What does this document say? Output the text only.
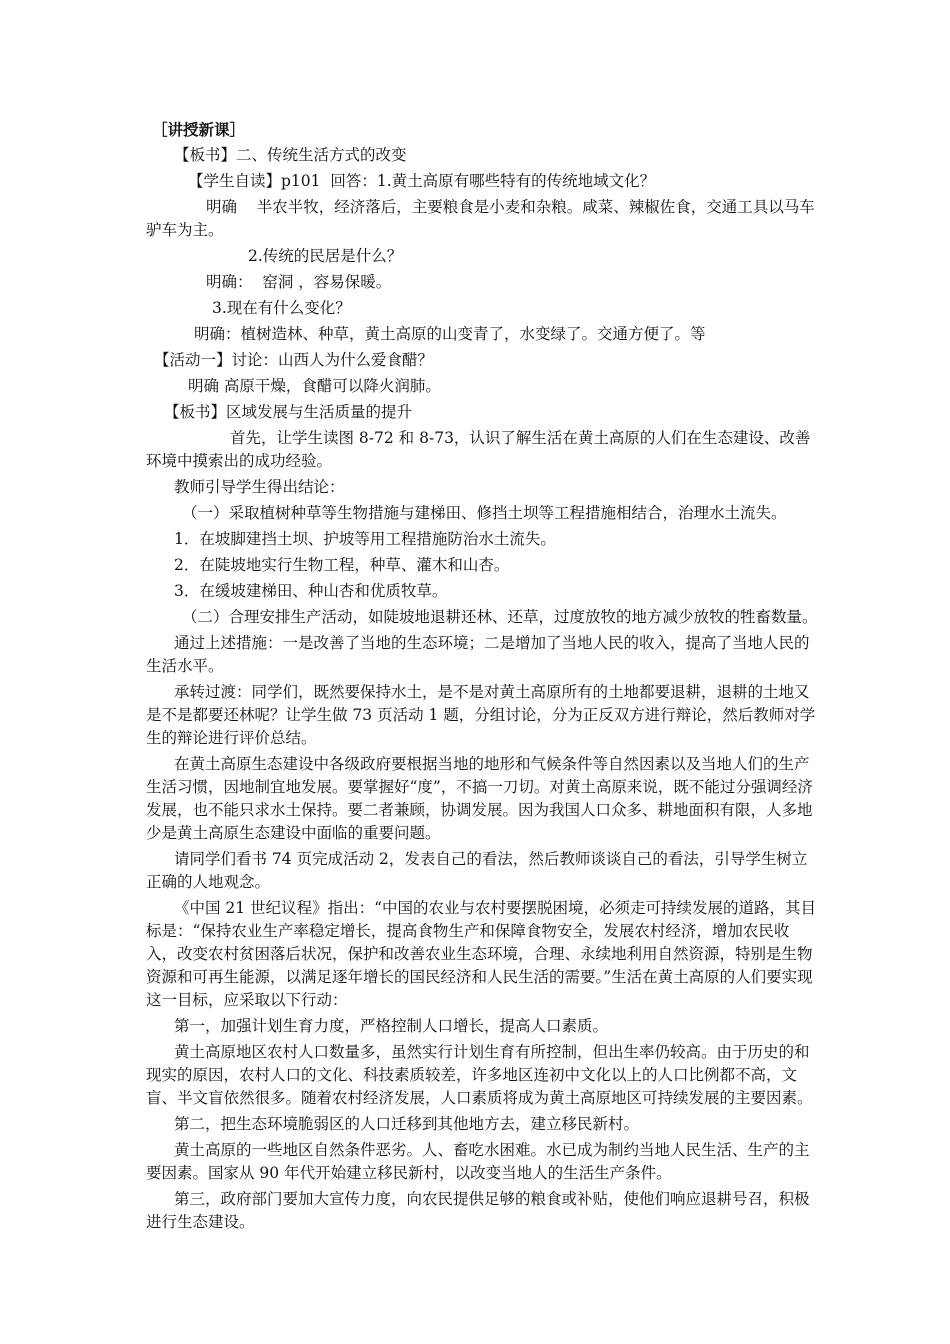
［讲授新课］

【板书】二、传统生活方式的改变

【学生自读】p101  回答：1.黄土高原有哪些特有的传统地域文化？

明确    半农半牧，经济落后，主要粮食是小麦和杂粮。咸菜、辣椒佐食，交通工具以马车驴车为主。

2.传统的民居是什么？

明确：  窑洞 ，容易保暖。

3.现在有什么变化？

明确：植树造林、种草，黄土高原的山变青了，水变绿了。交通方便了。等

【活动一】讨论：山西人为什么爱食醋？

明确 高原干燥，食醋可以降火润肺。

【板书】区域发展与生活质量的提升

首先，让学生读图 8-72 和 8-73，认识了解生活在黄土高原的人们在生态建设、改善环境中摸索出的成功经验。

教师引导学生得出结论：

（一）采取植树种草等生物措施与建梯田、修挡土坝等工程措施相结合，治理水土流失。

1．在坡脚建挡土坝、护坡等用工程措施防治水土流失。

2．在陡坡地实行生物工程，种草、灌木和山杏。

3．在缓坡建梯田、种山杏和优质牧草。

（二）合理安排生产活动，如陡坡地退耕还林、还草，过度放牧的地方减少放牧的牲畜数量。

通过上述措施：一是改善了当地的生态环境；二是增加了当地人民的收入，提高了当地人民的生活水平。

承转过渡：同学们，既然要保持水土，是不是对黄土高原所有的土地都要退耕，退耕的土地又是不是都要还林呢？让学生做 73 页活动 1 题，分组讨论，分为正反双方进行辩论，然后教师对学生的辩论进行评价总结。

在黄土高原生态建设中各级政府要根据当地的地形和气候条件等自然因素以及当地人们的生产生活习惯，因地制宜地发展。要掌握好“度”，不搞一刀切。对黄土高原来说，既不能过分强调经济发展，也不能只求水土保持。要二者兼顾，协调发展。因为我国人口众多、耕地面积有限，人多地少是黄土高原生态建设中面临的重要问题。

请同学们看书 74 页完成活动 2，发表自己的看法，然后教师谈谈自己的看法，引导学生树立正确的人地观念。

《中国 21 世纪议程》指出：“中国的农业与农村要摆脱困境，必须走可持续发展的道路，其目标是：“保持农业生产率稳定增长，提高食物生产和保障食物安全，发展农村经济，增加农民收入，改变农村贫困落后状况，保护和改善农业生态环境，合理、永续地利用自然资源，特别是生物资源和可再生能源，以满足逐年增长的国民经济和人民生活的需要。”生活在黄土高原的人们要实现这一目标，应采取以下行动：

第一，加强计划生育力度，严格控制人口增长，提高人口素质。

黄土高原地区农村人口数量多，虽然实行计划生育有所控制，但出生率仍较高。由于历史的和现实的原因，农村人口的文化、科技素质较差，许多地区连初中文化以上的人口比例都不高，文盲、半文盲依然很多。随着农村经济发展，人口素质将成为黄土高原地区可持续发展的主要因素。

第二，把生态环境脆弱区的人口迁移到其他地方去，建立移民新村。

黄土高原的一些地区自然条件恶劣。人、畜吃水困难。水已成为制约当地人民生活、生产的主要因素。国家从 90 年代开始建立移民新村，以改变当地人的生活生产条件。

第三，政府部门要加大宣传力度，向农民提供足够的粮食或补贴，使他们响应退耕号召，积极进行生态建设。
